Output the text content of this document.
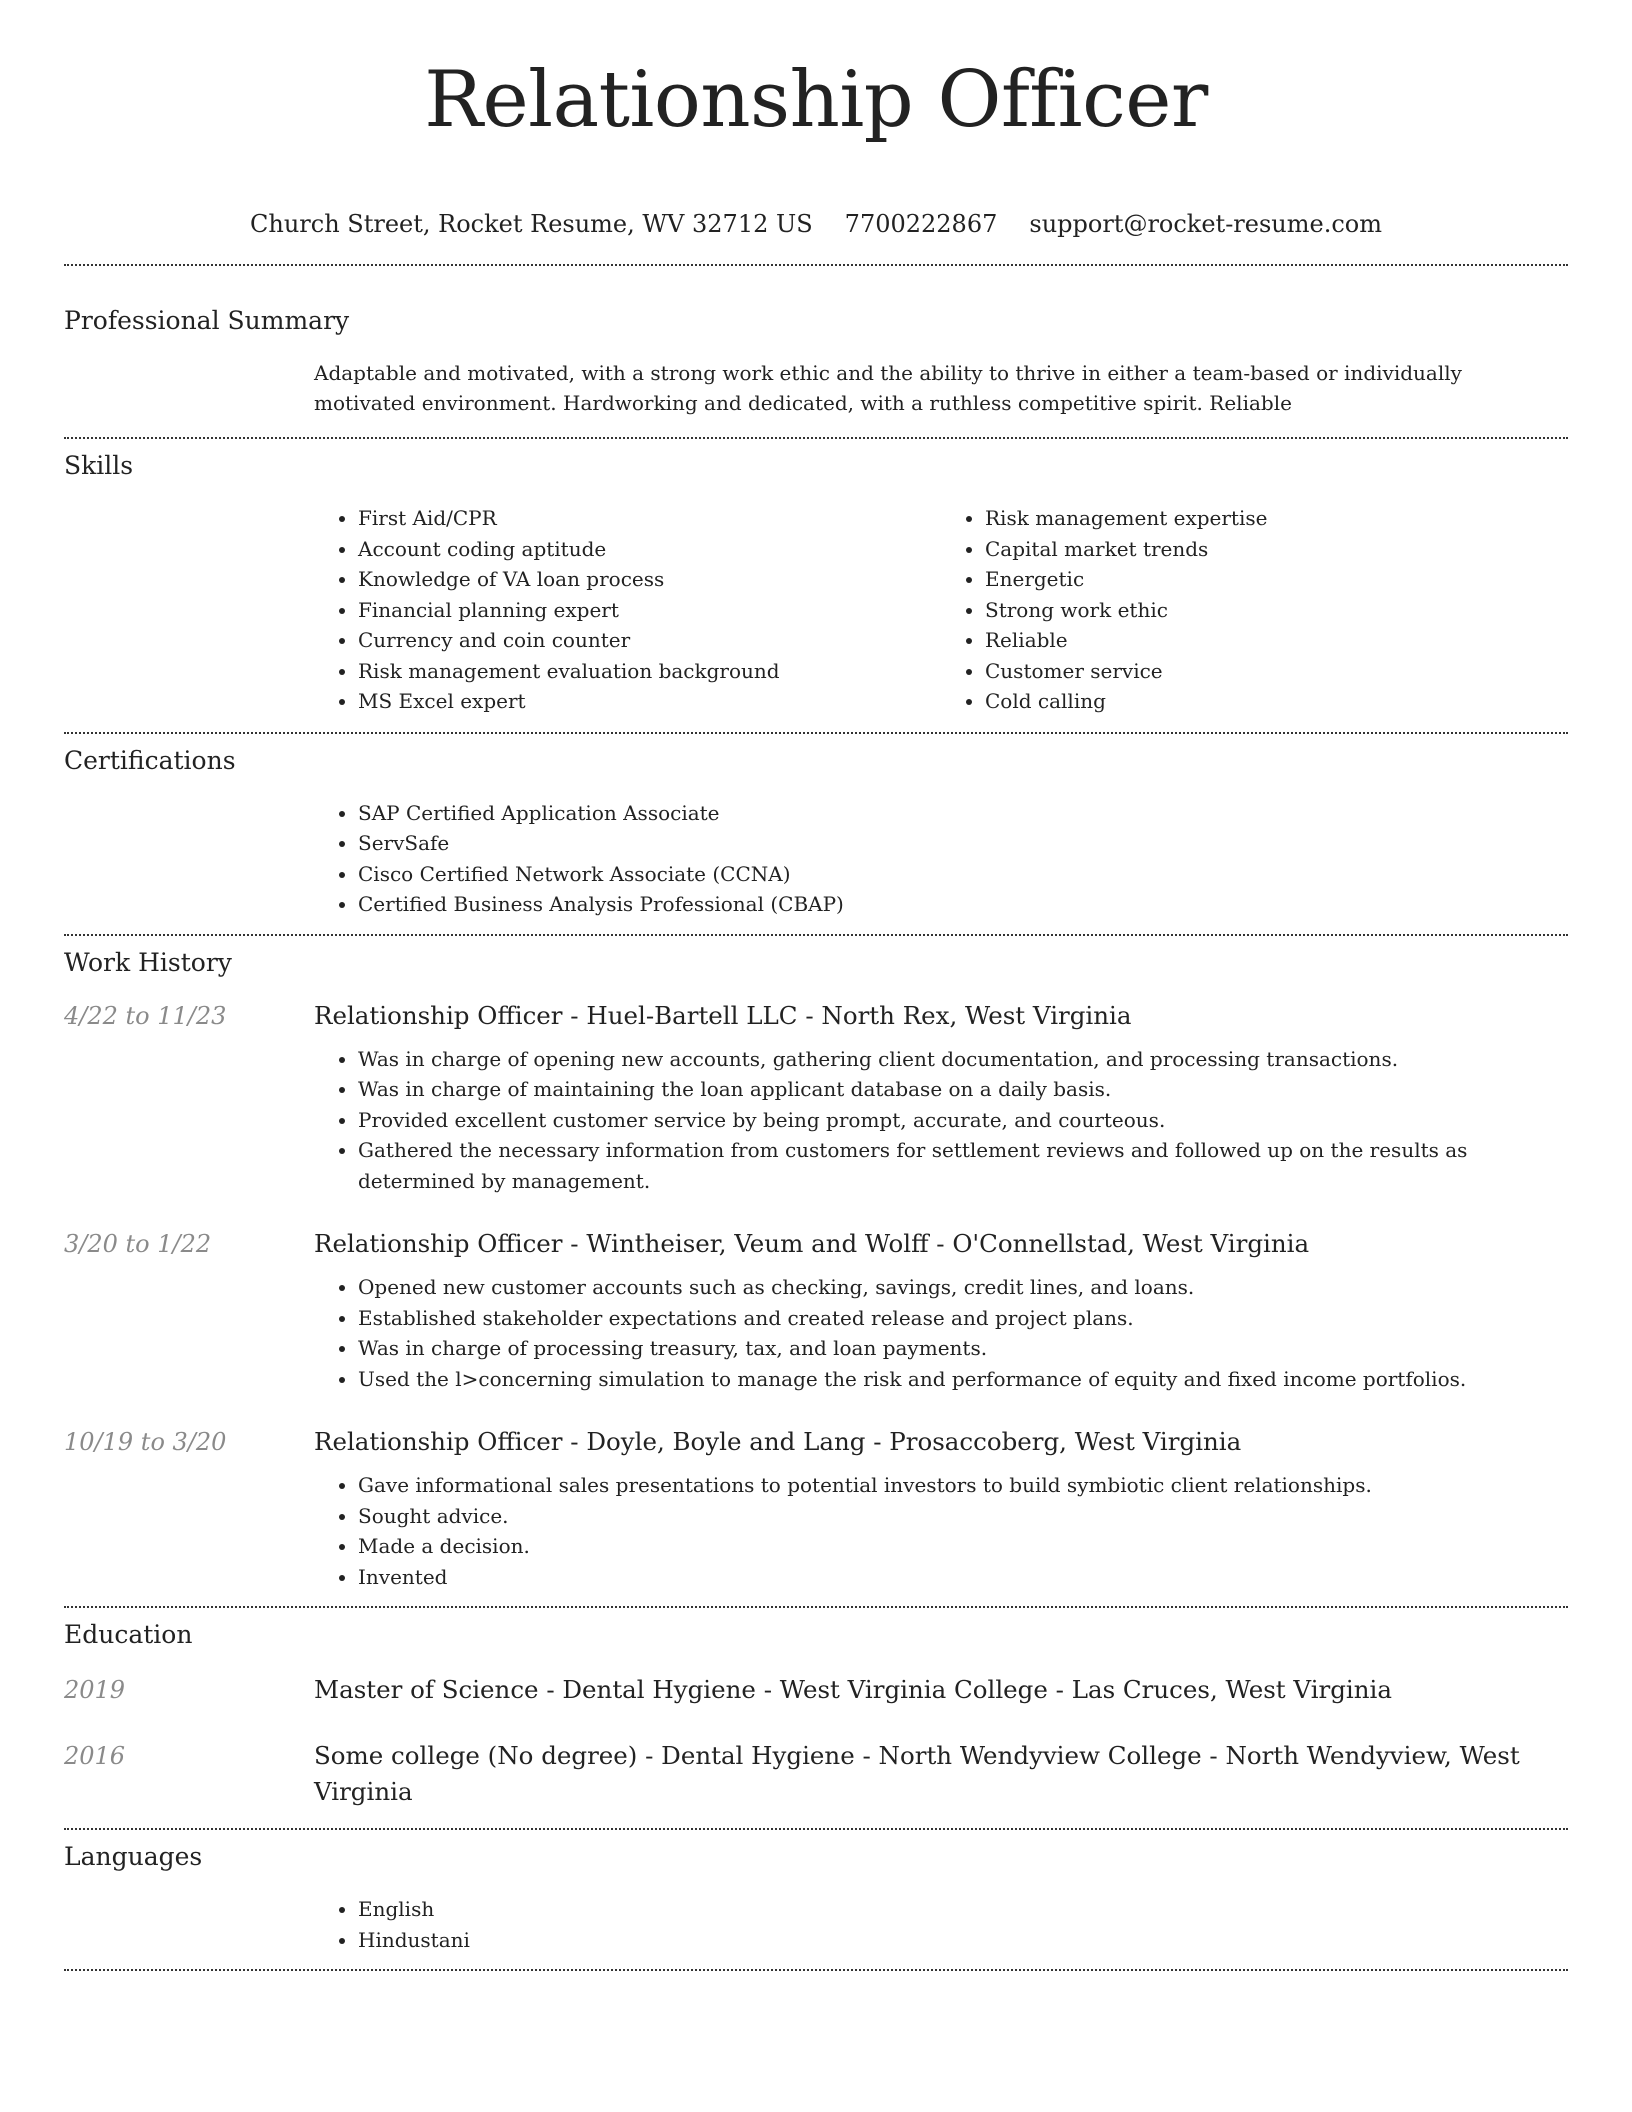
Relationship Officer
Church Street, Rocket Resume, WV 32712 US 7700222867 support@rocket-resume.com
Professional Summary
Adaptable and motivated, with a strong work ethic and the ability to thrive in either a team-based or individually motivated environment. Hardworking and dedicated, with a ruthless competitive spirit. Reliable
Skills
• First Aid/CPR
• Account coding aptitude
• Knowledge of VA loan process
• Financial planning expert
• Currency and coin counter
• Risk management evaluation background
• MS Excel expert
• Risk management expertise
• Capital market trends
• Energetic
• Strong work ethic
• Reliable
• Customer service
• Cold calling
Certifications
• SAP Certified Application Associate
• ServSafe
• Cisco Certified Network Associate (CCNA)
• Certified Business Analysis Professional (CBAP)
Work History
4/22 to 11/23	Relationship Officer - Huel-Bartell LLC - North Rex, West Virginia
• Was in charge of opening new accounts, gathering client documentation, and processing transactions.
• Was in charge of maintaining the loan applicant database on a daily basis.
• Provided excellent customer service by being prompt, accurate, and courteous.
• Gathered the necessary information from customers for settlement reviews and followed up on the results as determined by management.
3/20 to 1/22	Relationship Officer - Wintheiser, Veum and Wolff - O'Connellstad, West Virginia
• Opened new customer accounts such as checking, savings, credit lines, and loans.
• Established stakeholder expectations and created release and project plans.
• Was in charge of processing treasury, tax, and loan payments.
• Used the l>concerning simulation to manage the risk and performance of equity and fixed income portfolios.
10/19 to 3/20	Relationship Officer - Doyle, Boyle and Lang - Prosaccoberg, West Virginia
• Gave informational sales presentations to potential investors to build symbiotic client relationships.
• Sought advice.
• Made a decision.
• Invented
Education
2019	Master of Science - Dental Hygiene - West Virginia College - Las Cruces, West Virginia
2016	Some college (No degree) - Dental Hygiene - North Wendyview College - North Wendyview, West Virginia
Languages
• English
• Hindustani
